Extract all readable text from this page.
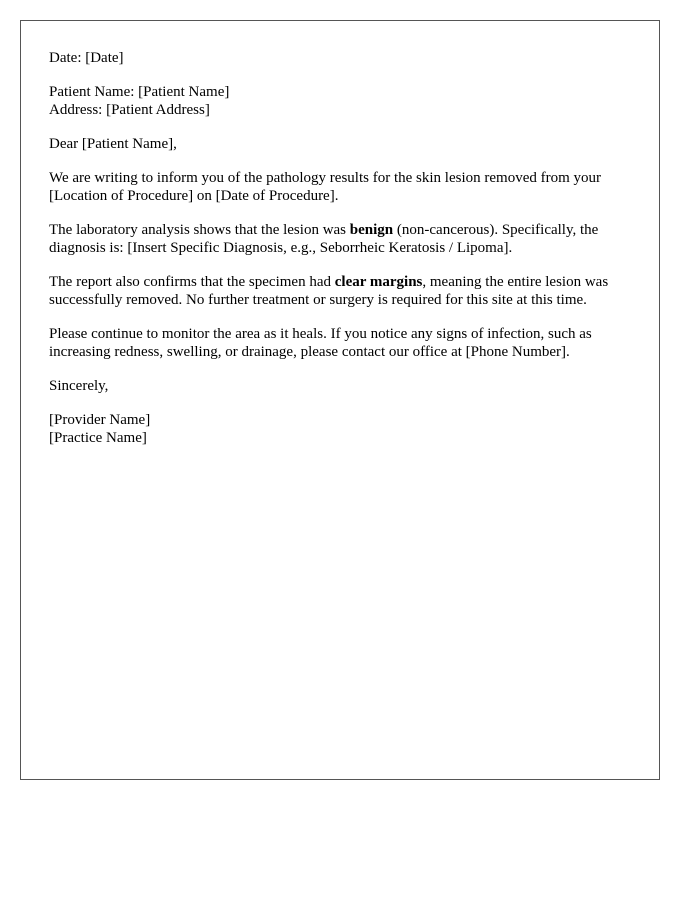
Date: [Date]

Patient Name: [Patient Name]
Address: [Patient Address]

Dear [Patient Name],

We are writing to inform you of the pathology results for the skin lesion removed from your [Location of Procedure] on [Date of Procedure].

The laboratory analysis shows that the lesion was benign (non-cancerous). Specifically, the diagnosis is: [Insert Specific Diagnosis, e.g., Seborrheic Keratosis / Lipoma].

The report also confirms that the specimen had clear margins, meaning the entire lesion was successfully removed. No further treatment or surgery is required for this site at this time.

Please continue to monitor the area as it heals. If you notice any signs of infection, such as increasing redness, swelling, or drainage, please contact our office at [Phone Number].

Sincerely,

[Provider Name]
[Practice Name]
